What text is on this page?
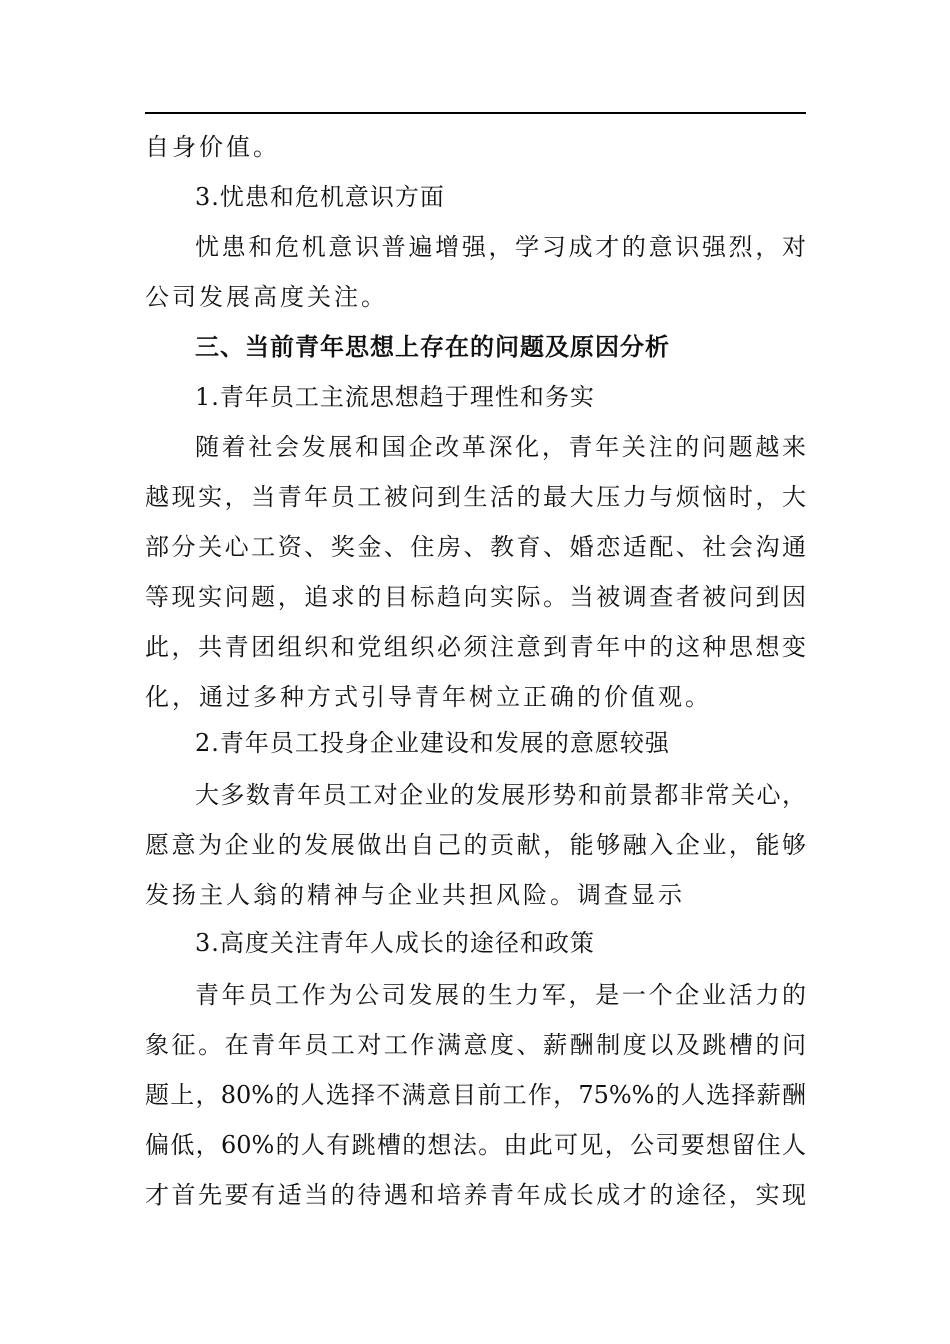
自身价值。
3.忧患和危机意识方面
忧患和危机意识普遍增强，学习成才的意识强烈，对
公司发展高度关注。
三、当前青年思想上存在的问题及原因分析
1.青年员工主流思想趋于理性和务实
随着社会发展和国企改革深化，青年关注的问题越来
越现实，当青年员工被问到生活的最大压力与烦恼时，大
部分关心工资、奖金、住房、教育、婚恋适配、社会沟通
等现实问题，追求的目标趋向实际。当被调查者被问到因
此，共青团组织和党组织必须注意到青年中的这种思想变
化，通过多种方式引导青年树立正确的价值观。
2.青年员工投身企业建设和发展的意愿较强
大多数青年员工对企业的发展形势和前景都非常关心，
愿意为企业的发展做出自己的贡献，能够融入企业，能够
发扬主人翁的精神与企业共担风险。调查显示
3.高度关注青年人成长的途径和政策
青年员工作为公司发展的生力军，是一个企业活力的
象征。在青年员工对工作满意度、薪酬制度以及跳槽的问
题上，80%的人选择不满意目前工作，75%%的人选择薪酬
偏低，60%的人有跳槽的想法。由此可见，公司要想留住人
才首先要有适当的待遇和培养青年成长成才的途径，实现
